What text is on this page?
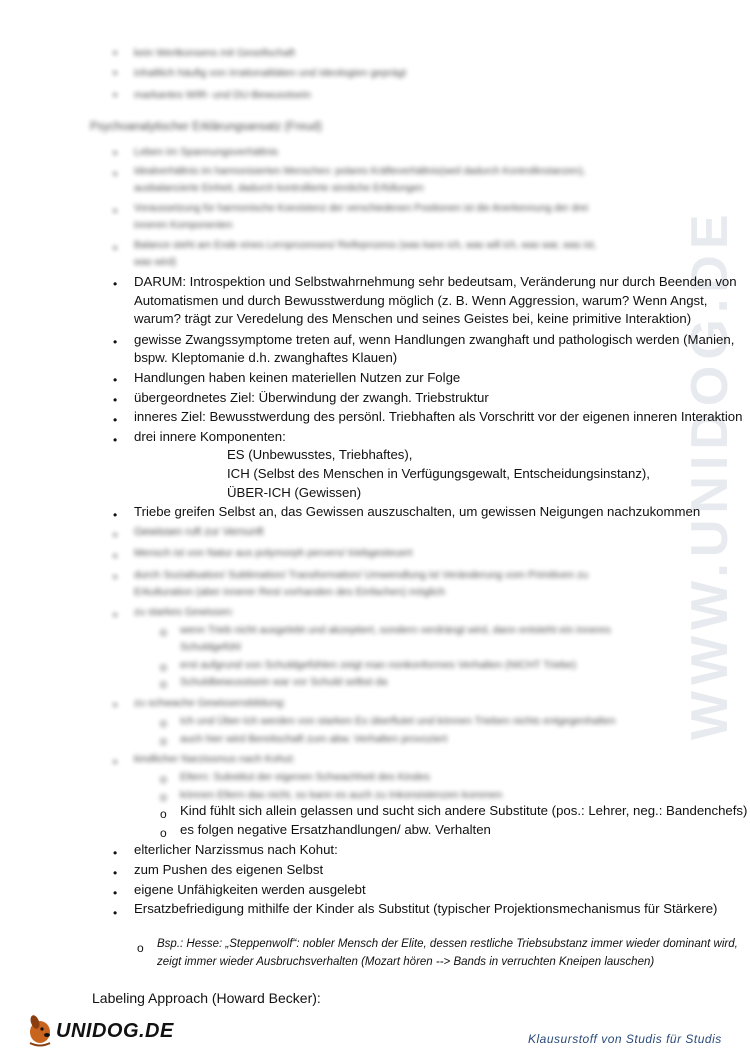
WWW.UNIDOG.DE
• kein Wertkonsens mit Gesellschaft
• inhaltlich häufig von Irrationalitäten und Ideologien geprägt
• markantes WIR- und DU-Bewusstsein
Psychoanalytischer Erklärungsansatz (Freud)
• Leben im Spannungsverhältnis
• Idealverhältnis im harmonisierten Menschen: polares Kräfteverhältnis(weil dadurch Kontrollinstanzen),
ausbalancierte Einheit, dadurch kontrollierte sinnliche Erfüllungen
• Voraussetzung für harmonische Koexistenz der verschiedenen Positionen ist die Anerkennung der drei
inneren Komponenten
• Balance steht am Ende eines Lernprozesses/ Reifeprozess (was kann ich, was will ich, was war, was ist,
was wird)
• DARUM: Introspektion und Selbstwahrnehmung sehr bedeutsam, Veränderung nur durch Beenden von
Automatismen und durch Bewusstwerdung möglich (z. B. Wenn Aggression, warum? Wenn Angst,
warum? trägt zur Veredelung des Menschen und seines Geistes bei, keine primitive Interaktion)
• gewisse Zwangssymptome treten auf, wenn Handlungen zwanghaft und pathologisch werden (Manien,
bspw. Kleptomanie d.h. zwanghaftes Klauen)
• Handlungen haben keinen materiellen Nutzen zur Folge
• übergeordnetes Ziel: Überwindung der zwangh. Triebstruktur
• inneres Ziel: Bewusstwerdung des persönl. Triebhaften als Vorschritt vor der eigenen inneren Interaktion
• drei innere Komponenten:
ES (Unbewusstes, Triebhaftes),
ICH (Selbst des Menschen in Verfügungsgewalt, Entscheidungsinstanz),
ÜBER-ICH (Gewissen)
• Triebe greifen Selbst an, das Gewissen auszuschalten, um gewissen Neigungen nachzukommen
• Gewissen ruft zur Vernunft
• Mensch ist von Natur aus polymorph pervers/ triebgesteuert
• durch Sozialisation/ Sublimation/ Transformation/ Umwendlung ist Veränderung vom Primitiven zu
Erkulturation (aber innerer Rest vorhanden des Einfachen) möglich
• zu starkes Gewissen:
o wenn Trieb nicht ausgelebt und akzeptiert, sondern verdrängt wird, dann entsteht ein inneres
Schuldgefühl
o erst aufgrund von Schuldgefühlen zeigt man nonkonformes Verhalten (NICHT Triebe)
o Schuldbewusstsein war vor Schuld selbst da
• zu schwache Gewissensbildung:
o Ich und Über-Ich werden von starken Es überflutet und können Trieben nichts entgegenhalten
o auch hier wird Bereitschaft zum abw. Verhalten provoziert
• kindlicher Narzissmus nach Kohut:
o Eltern: Substitut der eigenen Schwachheit des Kindes
o können Eltern das nicht, so kann es auch zu Inkonsistenzen kommen
o Kind fühlt sich allein gelassen und sucht sich andere Substitute (pos.: Lehrer, neg.: Bandenchefs)
o es folgen negative Ersatzhandlungen/ abw. Verhalten
• elterlicher Narzissmus nach Kohut:
• zum Pushen des eigenen Selbst
• eigene Unfähigkeiten werden ausgelebt
• Ersatzbefriedigung mithilfe der Kinder als Substitut (typischer Projektionsmechanismus für Stärkere)
o Bsp.: Hesse: „Steppenwolf“: nobler Mensch der Elite, dessen restliche Triebsubstanz immer wieder dominant wird,
zeigt immer wieder Ausbruchsverhalten (Mozart hören --> Bands in verruchten Kneipen lauschen)
Labeling Approach (Howard Becker):
UNIDOG.DE	Klausurstoff von Studis für Studis
